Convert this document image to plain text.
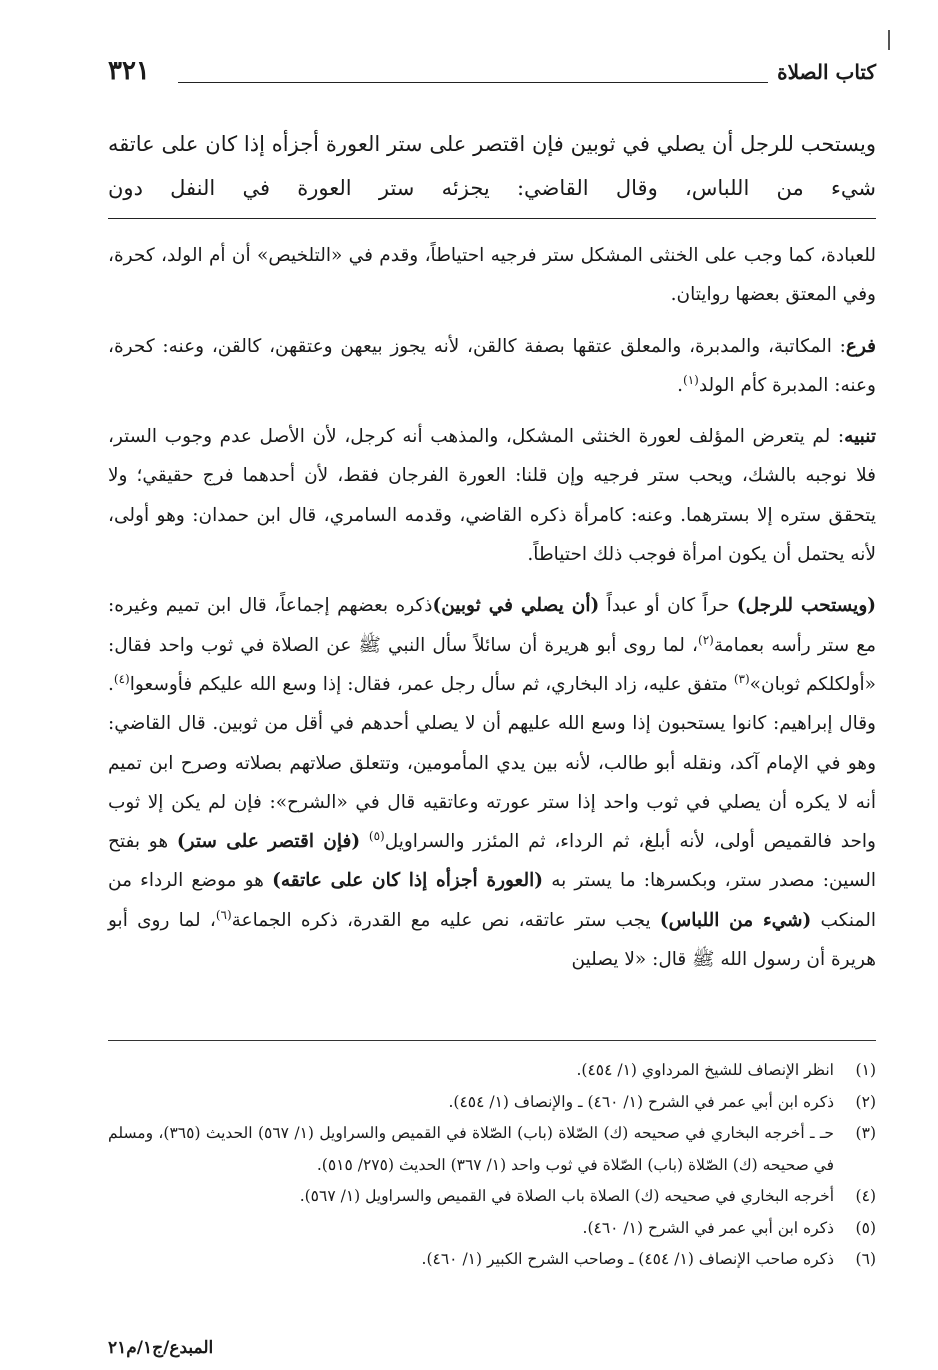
كتاب الصلاة
٣٢١
ويستحب للرجل أن يصلي في ثوبين فإن اقتصر على ستر العورة أجزأه إذا كان على عاتقه شيء من اللباس، وقال القاضي: يجزئه ستر العورة في النفل دون

للعبادة، كما وجب على الخنثى المشكل ستر فرجيه احتياطاً، وقدم في «التلخيص» أن أم الولد، كحرة، وفي المعتق بعضها روايتان.

فرع: المكاتبة، والمدبرة، والمعلق عتقها بصفة كالقن، لأنه يجوز بيعهن وعتقهن، كالقن، وعنه: كحرة، وعنه: المدبرة كأم الولد$^{(١)}$.

تنبيه: لم يتعرض المؤلف لعورة الخنثى المشكل، والمذهب أنه كرجل، لأن الأصل عدم وجوب الستر، فلا نوجبه بالشك، ويحب ستر فرجيه وإن قلنا: العورة الفرجان فقط، لأن أحدهما فرج حقيقي؛ ولا يتحقق ستره إلا بسترهما. وعنه: كامرأة ذكره القاضي، وقدمه السامري، قال ابن حمدان: وهو أولى، لأنه يحتمل أن يكون امرأة فوجب ذلك احتياطاً.

(ويستحب للرجل) حراً كان أو عبداً (أن يصلي في ثوبين)ذكره بعضهم إجماعاً، قال ابن تميم وغيره: مع ستر رأسه بعمامة$^{(٢)}$، لما روى أبو هريرة أن سائلاً سأل النبي ﷺ عن الصلاة في ثوب واحد فقال: «أولكلكم ثوبان»$^{(٣)}$ متفق عليه، زاد البخاري، ثم سأل رجل عمر، فقال: إذا وسع الله عليكم فأوسعوا$^{(٤)}$. وقال إبراهيم: كانوا يستحبون إذا وسع الله عليهم أن لا يصلي أحدهم في أقل من ثوبين. قال القاضي: وهو في الإمام آكد، ونقله أبو طالب، لأنه بين يدي المأمومين، وتتعلق صلاتهم بصلاته وصرح ابن تميم أنه لا يكره أن يصلي في ثوب واحد إذا ستر عورته وعاتقيه قال في «الشرح»: فإن لم يكن إلا ثوب واحد فالقميص أولى، لأنه أبلغ، ثم الرداء، ثم المئزر والسراويل$^{(٥)}$ (فإن اقتصر على ستر) هو بفتح السين: مصدر ستر، وبكسرها: ما يستر به (العورة أجزأه إذا كان على عاتقه) هو موضع الرداء من المنكب (شيء من اللباس) يجب ستر عاتقه، نص عليه مع القدرة، ذكره الجماعة$^{(٦)}$، لما روى أبو هريرة أن رسول الله ﷺ قال: «لا يصلين

(١)
انظر الإنصاف للشيخ المرداوي (١/ ٤٥٤).
(٢)
ذكره ابن أبي عمر في الشرح (١/ ٤٦٠) ـ والإنصاف (١/ ٤٥٤).
(٣)
حـ ـ أخرجه البخاري في صحيحه (ك) الصّلاة (باب) الصّلاة في القميص والسراويل (١/ ٥٦٧) الحديث (٣٦٥)، ومسلم في صحيحه (ك) الصّلاة (باب) الصّلاة في ثوب واحد (١/ ٣٦٧) الحديث (٢٧٥/ ٥١٥).
(٤)
أخرجه البخاري في صحيحه (ك) الصلاة باب الصلاة في القميص والسراويل (١/ ٥٦٧).
(٥)
ذكره ابن أبي عمر في الشرح (١/ ٤٦٠).
(٦)
ذكره صاحب الإنصاف (١/ ٤٥٤) ـ وصاحب الشرح الكبير (١/ ٤٦٠).
المبدع/ج١/م٢١
